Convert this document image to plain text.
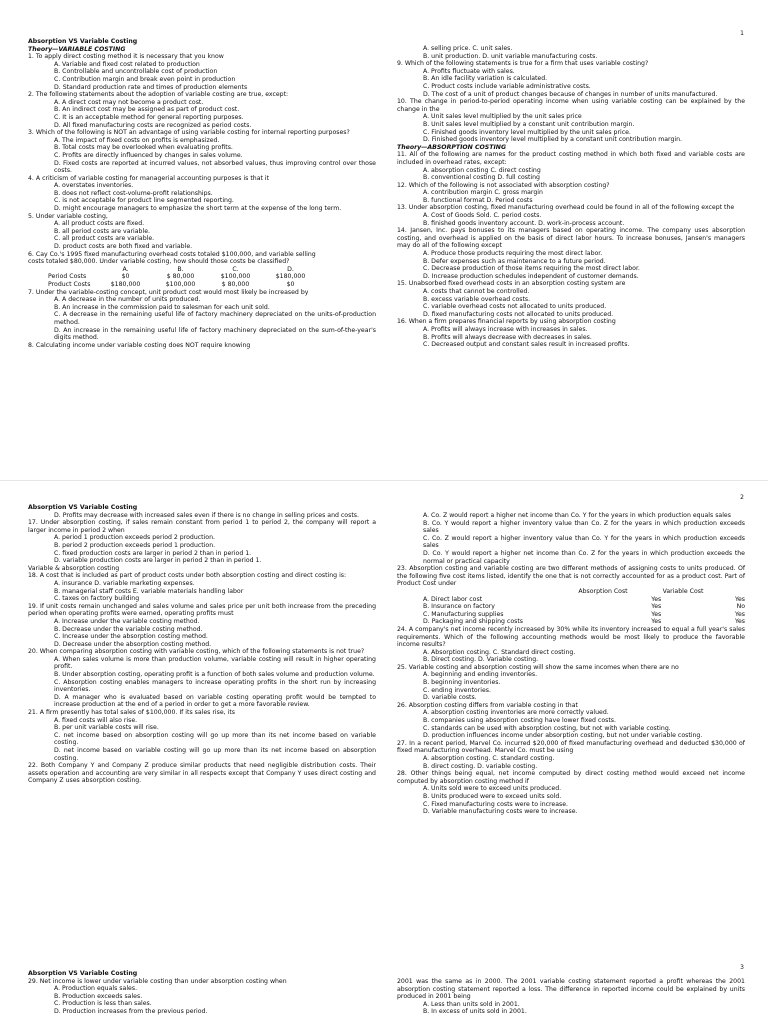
1
Absorption VS Variable Costing
Theory—VARIABLE COSTING
1. To apply direct costing method it is necessary that you know
A. Variable and fixed cost related to production
B. Controllable and uncontrollable cost of production
C. Contribution margin and break even point in production
D. Standard production rate and times of production elements
2. The following statements about the adoption of variable costing are true, except:
A. A direct cost may not become a product cost.
B. An indirect cost may be assigned as part of product cost.
C. It is an acceptable method for general reporting purposes.
D. All fixed manufacturing costs are recognized as period costs.
3. Which of the following is NOT an advantage of using variable costing for internal reporting purposes?
A. The impact of fixed costs on profits is emphasized.
B. Total costs may be overlooked when evaluating profits.
C. Profits are directly influenced by changes in sales volume.
D. Fixed costs are reported at incurred values, not absorbed values, thus improving control over those costs.
4. A criticism of variable costing for managerial accounting purposes is that it
A. overstates inventories.
B. does not reflect cost-volume-profit relationships.
C. is not acceptable for product line segmented reporting.
D. might encourage managers to emphasize the short term at the expense of the long term.
5. Under variable costing,
A. all product costs are fixed.
B. all period costs are variable.
C. all product costs are variable.
D. product costs are both fixed and variable.
6. Cay Co.'s 1995 fixed manufacturing overhead costs totaled $100,000, and variable selling
costs totaled $80,000. Under variable costing, how should those costs be classified?
A.	B.	C.	D.
Period Costs	$0	$ 80,000	$100,000	$180,000
Product Costs	$180,000	$100,000	$ 80,000	$0
7. Under the variable-costing concept, unit product cost would most likely be increased by
A. A decrease in the number of units produced.
B. An increase in the commission paid to salesman for each unit sold.
C. A decrease in the remaining useful life of factory machinery depreciated on the units-of-production method.
D. An increase in the remaining useful life of factory machinery depreciated on the sum-of-the-year's digits method.
8. Calculating income under variable costing does NOT require knowing
A. selling price. C. unit sales.
B. unit production. D. unit variable manufacturing costs.
9. Which of the following statements is true for a firm that uses variable costing?
A. Profits fluctuate with sales.
B. An idle facility variation is calculated.
C. Product costs include variable administrative costs.
D. The cost of a unit of product changes because of changes in number of units manufactured.
10. The change in period-to-period operating income when using variable costing can be explained by the change in the
A. Unit sales level multiplied by the unit sales price
B. Unit sales level multiplied by a constant unit contribution margin.
C. Finished goods inventory level multiplied by the unit sales price.
D. Finished goods inventory level multiplied by a constant unit contribution margin.
Theory—ABSORPTION COSTING
11. All of the following are names for the product costing method in which both fixed and variable costs are included in overhead rates, except:
A. absorption costing C. direct costing
B. conventional costing D. full costing
12. Which of the following is not associated with absorption costing?
A. contribution margin C. gross margin
B. functional format D. Period costs
13. Under absorption costing, fixed manufacturing overhead could be found in all of the following except the
A. Cost of Goods Sold. C. period costs.
B. finished goods inventory account. D. work-in-process account.
14. Jansen, Inc. pays bonuses to its managers based on operating income. The company uses absorption costing, and overhead is applied on the basis of direct labor hours. To increase bonuses, Jansen's managers may do all of the following except
A. Produce those products requiring the most direct labor.
B. Defer expenses such as maintenance to a future period.
C. Decrease production of those items requiring the most direct labor.
D. Increase production schedules independent of customer demands.
15. Unabsorbed fixed overhead costs in an absorption costing system are
A. costs that cannot be controlled.
B. excess variable overhead costs.
C. variable overhead costs not allocated to units produced.
D. fixed manufacturing costs not allocated to units produced.
16. When a firm prepares financial reports by using absorption costing
A. Profits will always increase with increases in sales.
B. Profits will always decrease with decreases in sales.
C. Decreased output and constant sales result in increased profits.
2
Absorption VS Variable Costing
D. Profits may decrease with increased sales even if there is no change in selling prices and costs.
17. Under absorption costing, if sales remain constant from period 1 to period 2, the company will report a larger income in period 2 when
A. period 1 production exceeds period 2 production.
B. period 2 production exceeds period 1 production.
C. fixed production costs are larger in period 2 than in period 1.
D. variable production costs are larger in period 2 than in period 1.
Variable & absorption costing
18. A cost that is included as part of product costs under both absorption costing and direct costing is:
A. insurance D. variable marketing expenses.
B. managerial staff costs E. variable materials handling labor
C. taxes on factory building
19. If unit costs remain unchanged and sales volume and sales price per unit both increase from the preceding period when operating profits were earned, operating profits must
A. Increase under the variable costing method.
B. Decrease under the variable costing method.
C. Increase under the absorption costing method.
D. Decrease under the absorption costing method.
20. When comparing absorption costing with variable costing, which of the following statements is not true?
A. When sales volume is more than production volume, variable costing will result in higher operating profit.
B. Under absorption costing, operating profit is a function of both sales volume and production volume.
C. Absorption costing enables managers to increase operating profits in the short run by increasing inventories.
D. A manager who is evaluated based on variable costing operating profit would be tempted to increase production at the end of a period in order to get a more favorable review.
21. A firm presently has total sales of $100,000. If its sales rise, its
A. fixed costs will also rise.
B. per unit variable costs will rise.
C. net income based on absorption costing will go up more than its net income based on variable costing.
D. net income based on variable costing will go up more than its net income based on absorption costing.
22. Both Company Y and Company Z produce similar products that need negligible distribution costs. Their assets operation and accounting are very similar in all respects except that Company Y uses direct costing and Company Z uses absorption costing.
A. Co. Z would report a higher net income than Co. Y for the years in which production equals sales
B. Co. Y would report a higher inventory value than Co. Z for the years in which production exceeds sales
C. Co. Z would report a higher inventory value than Co. Y for the years in which production exceeds sales
D. Co. Y would report a higher net income than Co. Z for the years in which production exceeds the normal or practical capacity
23. Absorption costing and variable costing are two different methods of assigning costs to units produced. Of the following five cost items listed, identify the one that is not correctly accounted for as a product cost. Part of Product Cost under
Absorption Cost	Variable Cost
A. Direct labor cost	Yes	Yes
B. Insurance on factory	Yes	No
C. Manufacturing supplies	Yes	Yes
D. Packaging and shipping costs	Yes	Yes
24. A company's net income recently increased by 30% while its inventory increased to equal a full year's sales requirements. Which of the following accounting methods would be most likely to produce the favorable income results?
A. Absorption costing. C. Standard direct costing.
B. Direct costing. D. Variable costing.
25. Variable costing and absorption costing will show the same incomes when there are no
A. beginning and ending inventories.
B. beginning inventories.
C. ending inventories.
D. variable costs.
26. Absorption costing differs from variable costing in that
A. absorption costing inventories are more correctly valued.
B. companies using absorption costing have lower fixed costs.
C. standards can be used with absorption costing, but not with variable costing.
D. production influences income under absorption costing, but not under variable costing.
27. In a recent period, Marvel Co. incurred $20,000 of fixed manufacturing overhead and deducted $30,000 of fixed manufacturing overhead. Marvel Co. must be using
A. absorption costing. C. standard costing.
B. direct costing. D. variable costing.
28. Other things being equal, net income computed by direct costing method would exceed net income computed by absorption costing method if
A. Units sold were to exceed units produced.
B. Units produced were to exceed units sold.
C. Fixed manufacturing costs were to increase.
D. Variable manufacturing costs were to increase.
3
Absorption VS Variable Costing
29. Net income is lower under variable costing than under absorption costing when
A. Production equals sales.
B. Production exceeds sales.
C. Production is less than sales.
D. Production increases from the previous period.
2001 was the same as in 2000. The 2001 variable costing statement reported a profit whereas the 2001 absorption costing statement reported a loss. The difference in reported income could be explained by units produced in 2001 being
A. Less than units sold in 2001.
B. In excess of units sold in 2001.
